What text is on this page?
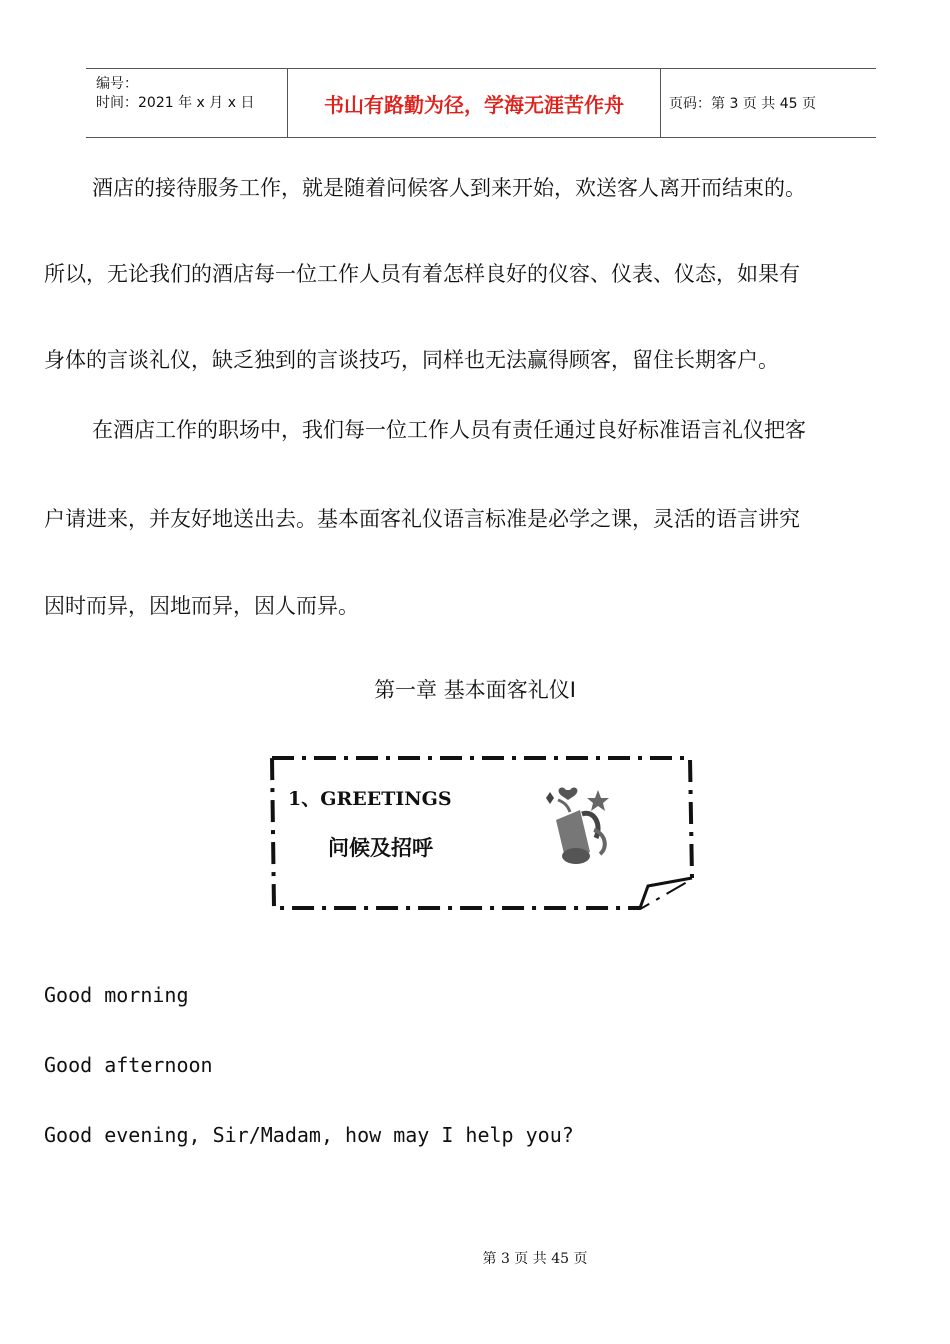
编号：
时间：2021 年 x 月 x 日	书山有路勤为径，学海无涯苦作舟	页码：第 3 页 共 45 页
酒店的接待服务工作，就是随着问候客人到来开始，欢送客人离开而结束的。
所以，无论我们的酒店每一位工作人员有着怎样良好的仪容、仪表、仪态，如果有
身体的言谈礼仪，缺乏独到的言谈技巧，同样也无法赢得顾客，留住长期客户。
在酒店工作的职场中，我们每一位工作人员有责任通过良好标准语言礼仪把客
户请进来，并友好地送出去。基本面客礼仪语言标准是必学之课，灵活的语言讲究
因时而异，因地而异，因人而异。
第一章 基本面客礼仪Ⅰ
1、GREETINGS
问候及招呼
Good morning
Good afternoon
Good evening, Sir/Madam, how may I help you?
第 3 页 共 45 页
